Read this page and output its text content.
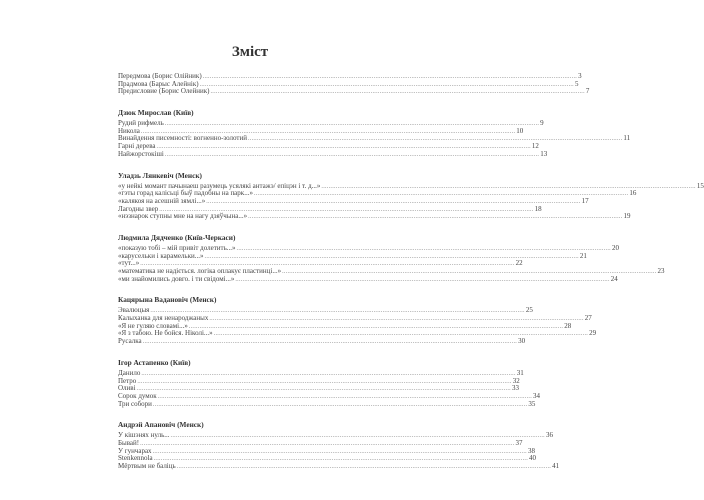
Зміст
Передмова (Борис Олійник) .....	3
Прадмова (Барыс Алейнік) .....	5
Предисловие (Борис Олейник) .....	7
Дзюк Мирослав (Київ)
Рудий рифмель .....	9
Никола .....	10
Винайдення писемності: вогненно-золотий .....	11
Гарні дерева .....	12
Найжорстокіші .....	13
Уладзь Лянкевіч (Менск)
«у нейкі момант пачынаеш разумець усялякі антажэ/ епіцэн і т. д...» .....	15
«гэты горад калісьці быў падобны на парк...» .....	16
«калякоя на асешній зямлі...» .....	17
Лагодны звер .....	18
«нэзнарок ступны мне на нагу дзяўчына...» .....	19
Людмила Дядченко (Київ-Черкаси)
«показую тобі – мій привіт долетить...» .....	20
«карусельки і карамельки...» .....	21
«тут...» .....	22
«математика не надіється. логіка оплакує пластинці...» .....	23
«ми знайомились довго. і ти свідомі...» .....	24
Кацярына Вадановіч (Менск)
Эвалюцыя .....	25
Калыханка для ненароджаных .....	27
«Я не гуляю словамі...» .....	28
«Я з табою. Не бойся. Ніколі...» .....	29
Русалка .....	30
Ігор Астапенко (Київ)
Данило .....	31
Петро .....	32
Оливі .....	33
Сорок думок .....	34
Три собори .....	35
Андрэй Апановіч (Менск)
У кішэнях нуль... .....	36
Бывай! .....	37
У гунчарах .....	38
Stenkennola .....	40
Мёртвым не баліць .....	41
